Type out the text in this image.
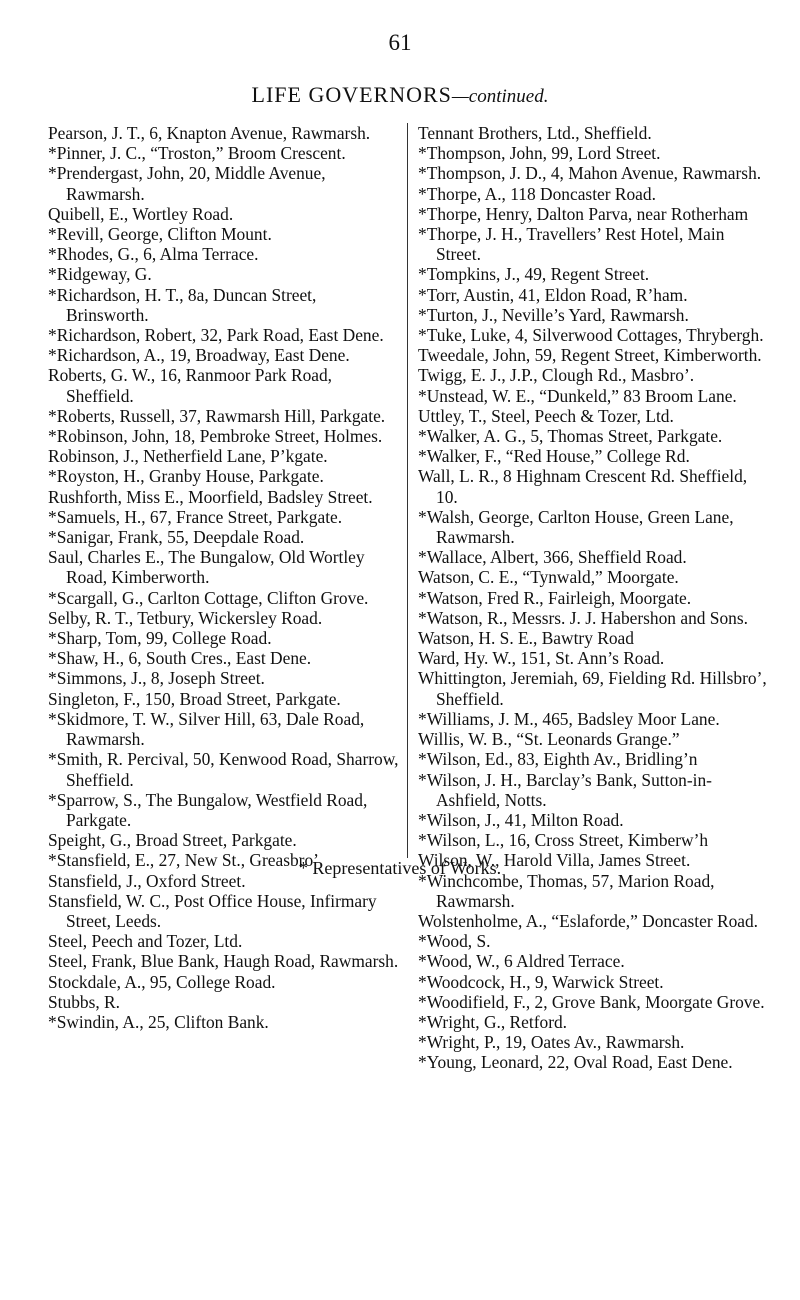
61
LIFE GOVERNORS—continued.

Pearson, J. T., 6, Knapton Avenue, Rawmarsh.

*Pinner, J. C., “Troston,” Broom Crescent.

*Prendergast, John, 20, Middle Avenue, Rawmarsh.

Quibell, E., Wortley Road.

*Revill, George, Clifton Mount.

*Rhodes, G., 6, Alma Terrace.

*Ridgeway, G.

*Richardson, H. T., 8a, Duncan Street, Brinsworth.

*Richardson, Robert, 32, Park Road, East Dene.

*Richardson, A., 19, Broadway, East Dene.

Roberts, G. W., 16, Ranmoor Park Road, Sheffield.

*Roberts, Russell, 37, Rawmarsh Hill, Parkgate.

*Robinson, John, 18, Pembroke Street, Holmes.

Robinson, J., Netherfield Lane, P’kgate.

*Royston, H., Granby House, Parkgate.

Rushforth, Miss E., Moorfield, Badsley Street.

*Samuels, H., 67, France Street, Parkgate.

*Sanigar, Frank, 55, Deepdale Road.

Saul, Charles E., The Bungalow, Old Wortley Road, Kimberworth.

*Scargall, G., Carlton Cottage, Clifton Grove.

Selby, R. T., Tetbury, Wickersley Road.

*Sharp, Tom, 99, College Road.

*Shaw, H., 6, South Cres., East Dene.

*Simmons, J., 8, Joseph Street.

Singleton, F., 150, Broad Street, Parkgate.

*Skidmore, T. W., Silver Hill, 63, Dale Road, Rawmarsh.

*Smith, R. Percival, 50, Kenwood Road, Sharrow, Sheffield.

*Sparrow, S., The Bungalow, Westfield Road, Parkgate.

Speight, G., Broad Street, Parkgate.

*Stansfield, E., 27, New St., Greasbro’.

Stansfield, J., Oxford Street.

Stansfield, W. C., Post Office House, Infirmary Street, Leeds.

Steel, Peech and Tozer, Ltd.

Steel, Frank, Blue Bank, Haugh Road, Rawmarsh.

Stockdale, A., 95, College Road.

Stubbs, R.

*Swindin, A., 25, Clifton Bank.

Tennant Brothers, Ltd., Sheffield.

*Thompson, John, 99, Lord Street.

*Thompson, J. D., 4, Mahon Avenue, Rawmarsh.

*Thorpe, A., 118 Doncaster Road.

*Thorpe, Henry, Dalton Parva, near Rotherham

*Thorpe, J. H., Travellers’ Rest Hotel, Main Street.

*Tompkins, J., 49, Regent Street.

*Torr, Austin, 41, Eldon Road, R’ham.

*Turton, J., Neville’s Yard, Rawmarsh.

*Tuke, Luke, 4, Silverwood Cottages, Thrybergh.

Tweedale, John, 59, Regent Street, Kimberworth.

Twigg, E. J., J.P., Clough Rd., Masbro’.

*Unstead, W. E., “Dunkeld,” 83 Broom Lane.

Uttley, T., Steel, Peech & Tozer, Ltd.

*Walker, A. G., 5, Thomas Street, Parkgate.

*Walker, F., “Red House,” College Rd.

Wall, L. R., 8 Highnam Crescent Rd. Sheffield, 10.

*Walsh, George, Carlton House, Green Lane, Rawmarsh.

*Wallace, Albert, 366, Sheffield Road.

Watson, C. E., “Tynwald,” Moorgate.

*Watson, Fred R., Fairleigh, Moorgate.

*Watson, R., Messrs. J. J. Habershon and Sons.

Watson, H. S. E., Bawtry Road

Ward, Hy. W., 151, St. Ann’s Road.

Whittington, Jeremiah, 69, Fielding Rd. Hillsbro’, Sheffield.

*Williams, J. M., 465, Badsley Moor Lane.

Willis, W. B., “St. Leonards Grange.”

*Wilson, Ed., 83, Eighth Av., Bridling’n

*Wilson, J. H., Barclay’s Bank, Sutton-in-Ashfield, Notts.

*Wilson, J., 41, Milton Road.

*Wilson, L., 16, Cross Street, Kimberw’h

Wilson, W., Harold Villa, James Street.

*Winchcombe, Thomas, 57, Marion Road, Rawmarsh.

Wolstenholme, A., “Eslaforde,” Doncaster Road.

*Wood, S.

*Wood, W., 6 Aldred Terrace.

*Woodcock, H., 9, Warwick Street.

*Woodifield, F., 2, Grove Bank, Moorgate Grove.

*Wright, G., Retford.

*Wright, P., 19, Oates Av., Rawmarsh.

*Young, Leonard, 22, Oval Road, East Dene.

* Representatives of Works.
